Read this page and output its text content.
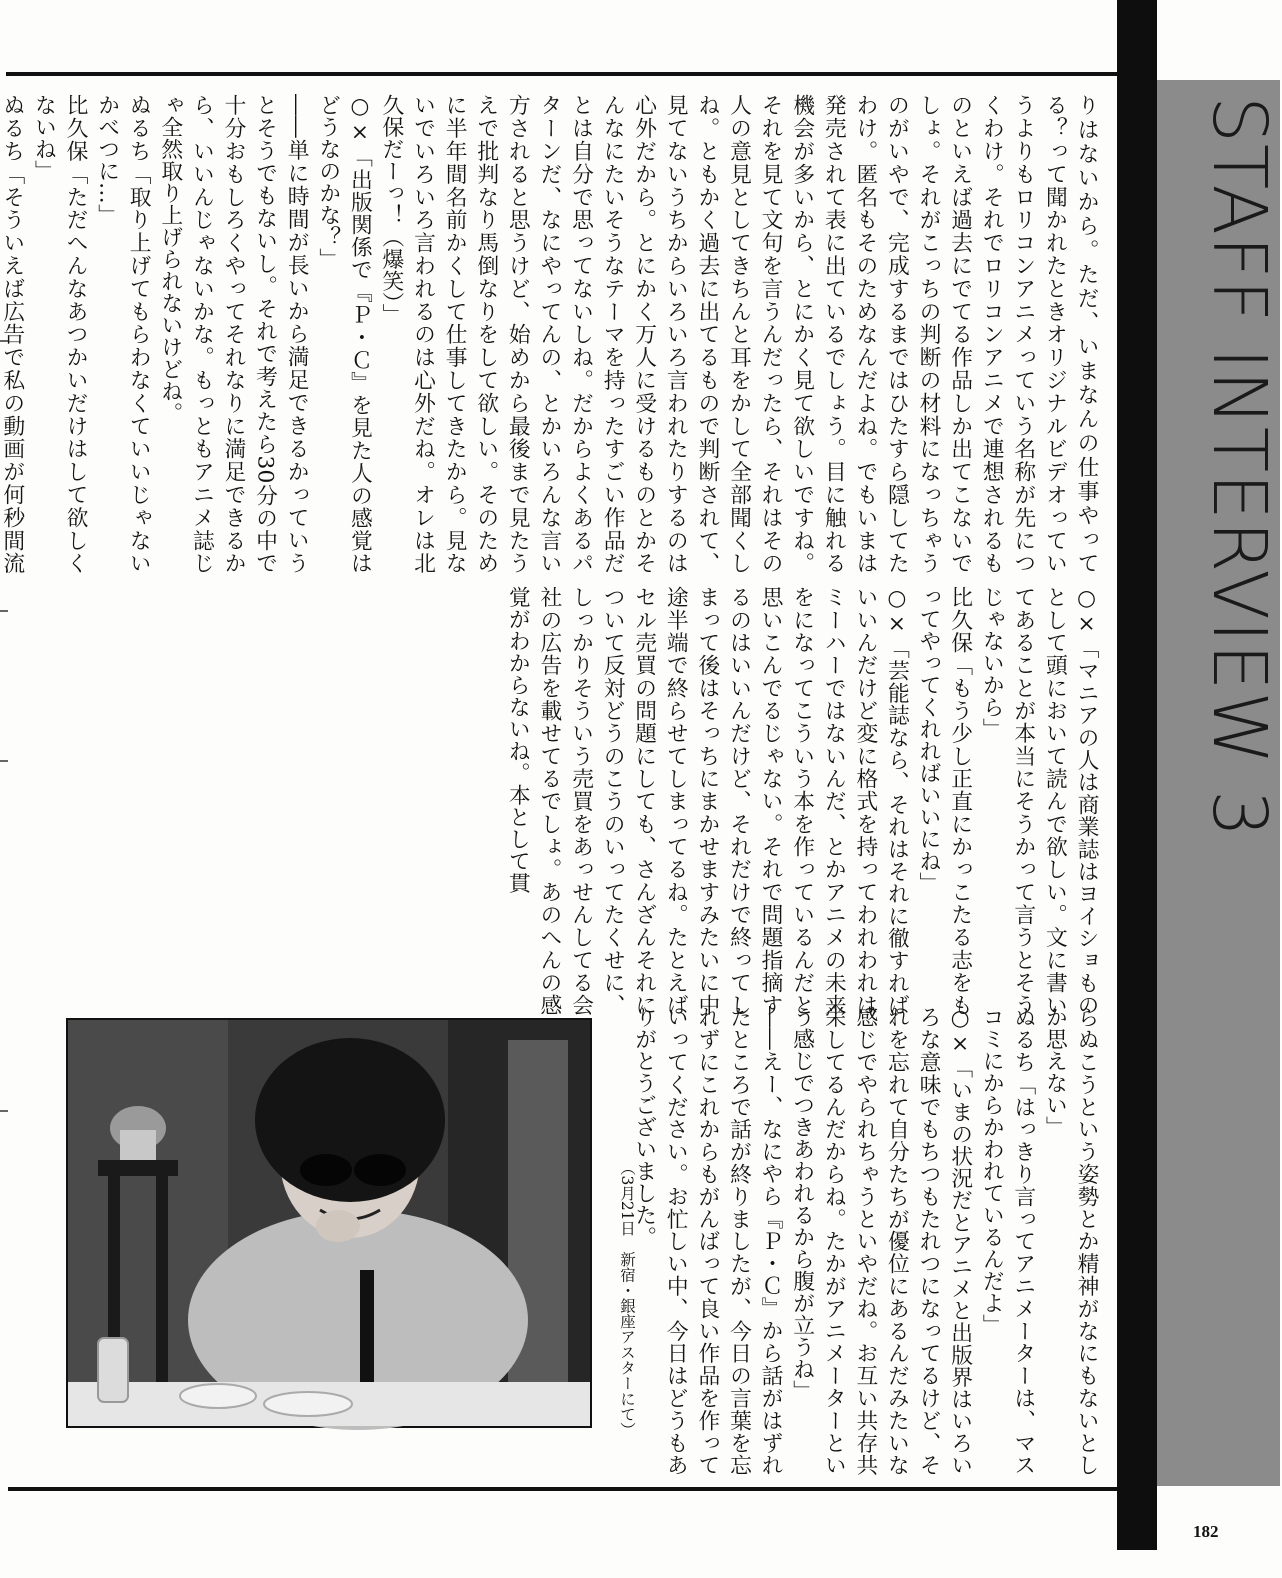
STAFF INTERVIEW 3

りはないから。ただ、いまなんの仕事やってる？って聞かれたときオリジナルビデオっていうよりもロリコンアニメっていう名称が先につくわけ。それでロリコンアニメで連想されるものといえば過去にでてる作品しか出てこないでしょ。それがこっちの判断の材料になっちゃうのがいやで、完成するまではひたすら隠してたわけ。匿名もそのためなんだよね。でもいまは発売されて表に出ているでしょう。目に触れる機会が多いから、とにかく見て欲しいですね。それを見て文句を言うんだったら、それはその人の意見としてきちんと耳をかして全部聞くしね。ともかく過去に出てるもので判断されて、見てないうちからいろいろ言われたりするのは心外だから。とにかく万人に受けるものとかそんなにたいそうなテーマを持ったすごい作品だとは自分で思ってないしね。だからよくあるパターンだ、なにやってんの、とかいろんな言い方されると思うけど、始めから最後まで見たうえで批判なり馬倒なりをして欲しい。そのために半年間名前かくして仕事してきたから。見ないでいろいろ言われるのは心外だね。オレは北久保だーっ！（爆笑）」

○×「出版関係で『Ｐ・Ｃ』を見た人の感覚はどうなのかな？」

――単に時間が長いから満足できるかっていうとそうでもないし。それで考えたら30分の中で十分おもしろくやってそれなりに満足できるから、いいんじゃないかな。もっともアニメ誌じゃ全然取り上げられないけどね。

ぬるち「取り上げてもらわなくていいじゃないかべつに…」

比久保「ただへんなあつかいだけはして欲しくないね」

ぬるち「そういえば広告で私の動画が何秒間流

○×「マニアの人は商業誌はヨイショものとして頭において読んで欲しい。文に書いてあることが本当にそうかって言うとそうじゃないから」

比久保「もう少し正直にかっこたる志をもってやってくれればいいにね」

○×「芸能誌なら、それはそれに徹すればいいんだけど変に格式を持ってわれわれはミーハーではないんだ、とかアニメの未来をになってこういう本を作っているんだと思いこんでるじゃない。それで問題指摘するのはいいんだけど、それだけで終ってしまって後はそっちにまかせますみたいに中途半端で終らせてしまってるね。たとえばセル売買の問題にしても、さんざんそれについて反対どうのこうのいってたくせに、しっかりそういう売買をあっせんしてる会社の広告を載せてるでしょ。あのへんの感覚がわからないね。本として貫

らぬこうという姿勢とか精神がなにもないとしか思えない」

ぬるち「はっきり言ってアニメーターは、マスコミにからかわれているんだよ」

○×「いまの状況だとアニメと出版界はいろいろな意味でもちつもたれつになってるけど、それを忘れて自分たちが優位にあるんだみたいな感じでやられちゃうといやだね。お互い共存共栄してるんだからね。たかがアニメーターという感じでつきあわれるから腹が立うね」

――えー、なにやら『Ｐ・Ｃ』から話がはずれたところで話が終りましたが、今日の言葉を忘れずにこれからもがんばって良い作品を作っていってください。お忙しい中、今日はどうもありがとうございました。

（3月21日　新宿・銀座アスターにて）
182
